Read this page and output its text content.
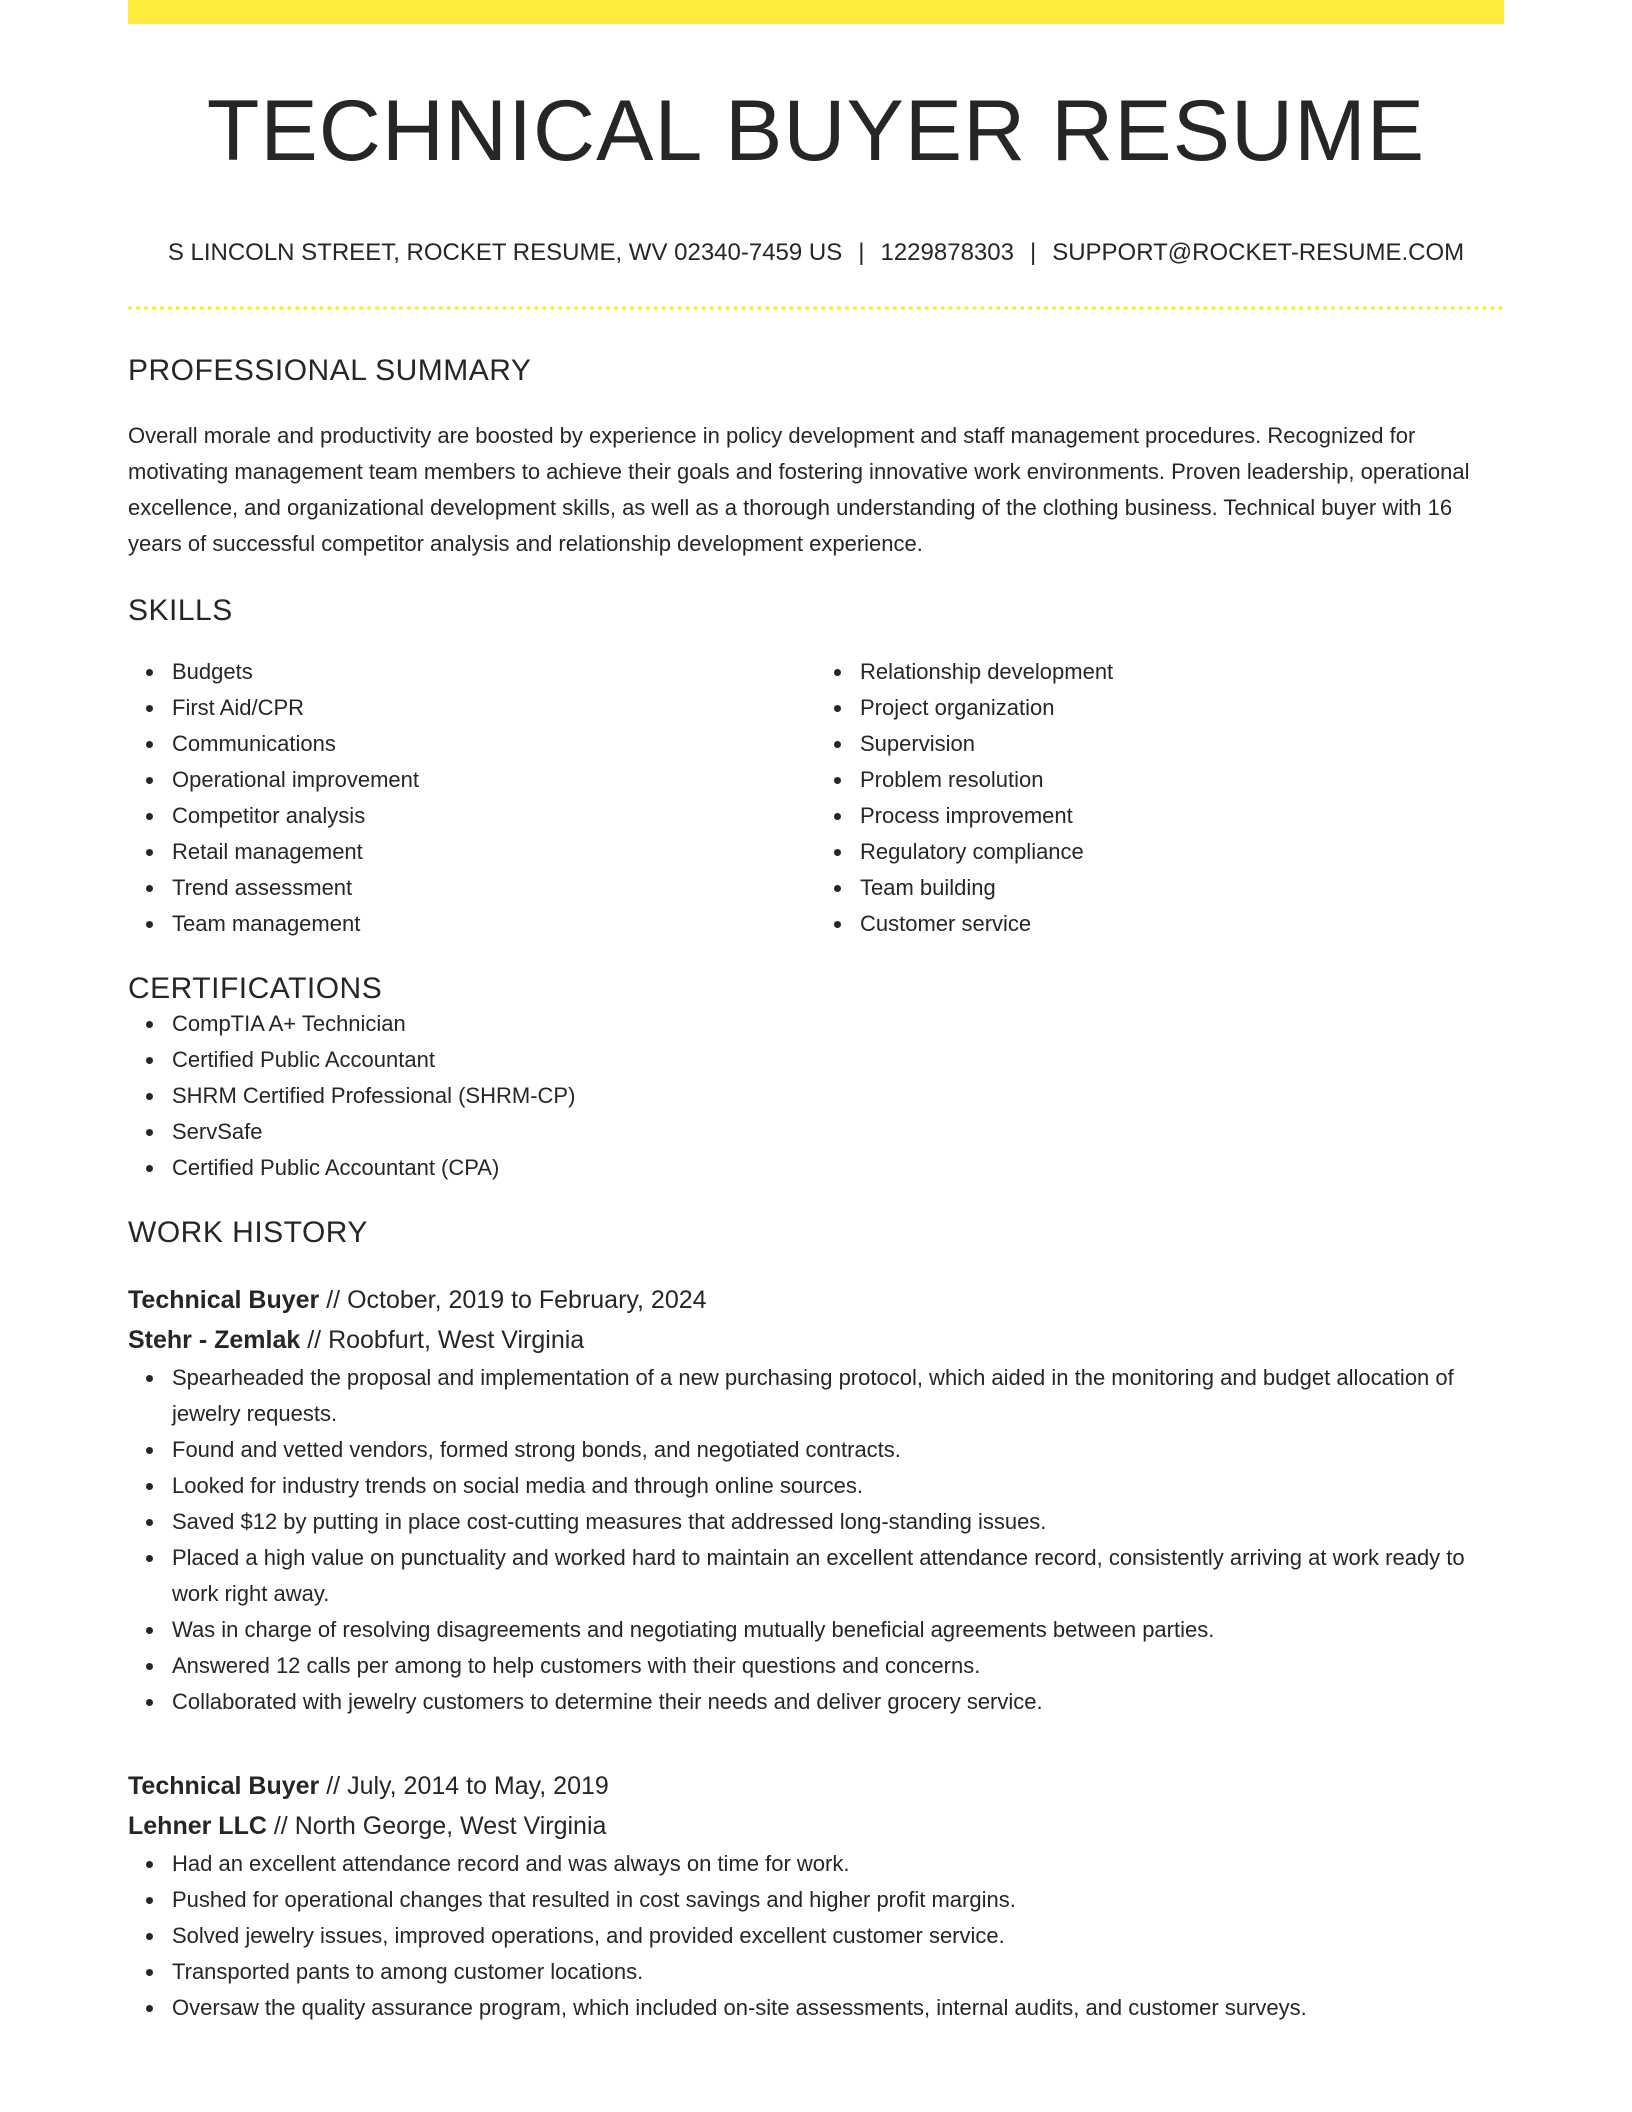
TECHNICAL BUYER RESUME
S LINCOLN STREET, ROCKET RESUME, WV 02340-7459 US | 1229878303 | SUPPORT@ROCKET-RESUME.COM
PROFESSIONAL SUMMARY
Overall morale and productivity are boosted by experience in policy development and staff management procedures. Recognized for motivating management team members to achieve their goals and fostering innovative work environments. Proven leadership, operational excellence, and organizational development skills, as well as a thorough understanding of the clothing business. Technical buyer with 16 years of successful competitor analysis and relationship development experience.
SKILLS
Budgets
First Aid/CPR
Communications
Operational improvement
Competitor analysis
Retail management
Trend assessment
Team management
Relationship development
Project organization
Supervision
Problem resolution
Process improvement
Regulatory compliance
Team building
Customer service
CERTIFICATIONS
CompTIA A+ Technician
Certified Public Accountant
SHRM Certified Professional (SHRM-CP)
ServSafe
Certified Public Accountant (CPA)
WORK HISTORY
Technical Buyer // October, 2019 to February, 2024
Stehr - Zemlak // Roobfurt, West Virginia
Spearheaded the proposal and implementation of a new purchasing protocol, which aided in the monitoring and budget allocation of jewelry requests.
Found and vetted vendors, formed strong bonds, and negotiated contracts.
Looked for industry trends on social media and through online sources.
Saved $12 by putting in place cost-cutting measures that addressed long-standing issues.
Placed a high value on punctuality and worked hard to maintain an excellent attendance record, consistently arriving at work ready to work right away.
Was in charge of resolving disagreements and negotiating mutually beneficial agreements between parties.
Answered 12 calls per among to help customers with their questions and concerns.
Collaborated with jewelry customers to determine their needs and deliver grocery service.
Technical Buyer // July, 2014 to May, 2019
Lehner LLC // North George, West Virginia
Had an excellent attendance record and was always on time for work.
Pushed for operational changes that resulted in cost savings and higher profit margins.
Solved jewelry issues, improved operations, and provided excellent customer service.
Transported pants to among customer locations.
Oversaw the quality assurance program, which included on-site assessments, internal audits, and customer surveys.
